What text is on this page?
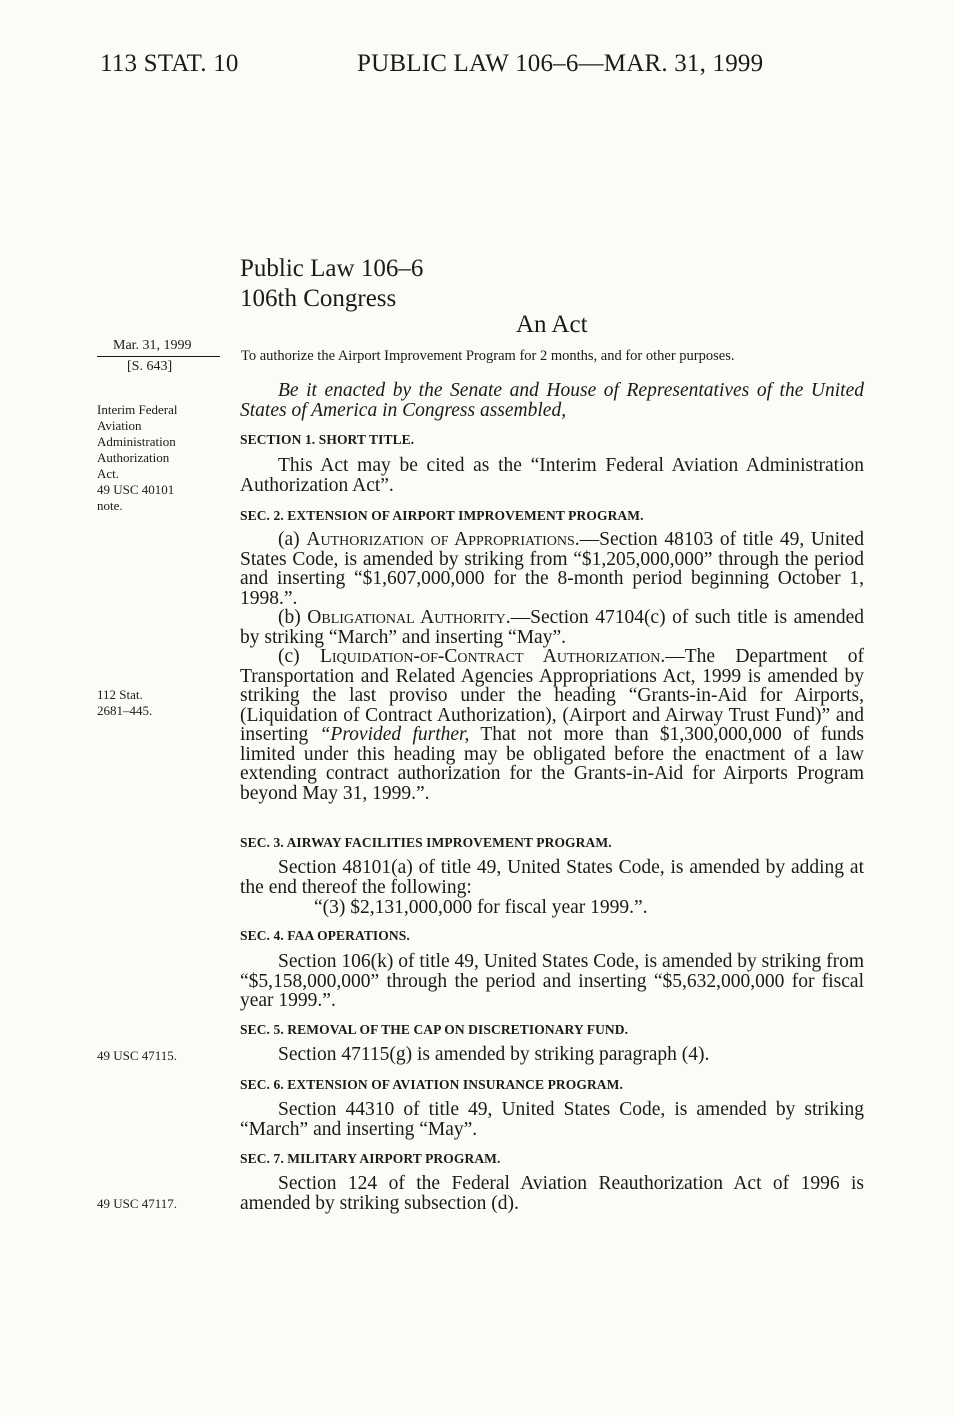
113 STAT. 10	PUBLIC LAW 106–6—MAR. 31, 1999
Public Law 106–6
106th Congress
An Act
To authorize the Airport Improvement Program for 2 months, and for other purposes.
Mar. 31, 1999
[S. 643]
Interim Federal
Aviation
Administration
Authorization
Act.
49 USC 40101
note.
112 Stat.
2681–445.
49 USC 47115.
49 USC 47117.
Be it enacted by the Senate and House of Representatives of the United States of America in Congress assembled,
SECTION 1. SHORT TITLE.
This Act may be cited as the “Interim Federal Aviation Administration Authorization Act”.
SEC. 2. EXTENSION OF AIRPORT IMPROVEMENT PROGRAM.
(a) Authorization of Appropriations.—Section 48103 of title 49, United States Code, is amended by striking from “$1,205,000,000” through the period and inserting “$1,607,000,000 for the 8-month period beginning October 1, 1998.”.
(b) Obligational Authority.—Section 47104(c) of such title is amended by striking “March” and inserting “May”.
(c) Liquidation-of-Contract Authorization.—The Department of Transportation and Related Agencies Appropriations Act, 1999 is amended by striking the last proviso under the heading “Grants-in-Aid for Airports, (Liquidation of Contract Authorization), (Airport and Airway Trust Fund)” and inserting “Provided further, That not more than $1,300,000,000 of funds limited under this heading may be obligated before the enactment of a law extending contract authorization for the Grants-in-Aid for Airports Program beyond May 31, 1999.”.
SEC. 3. AIRWAY FACILITIES IMPROVEMENT PROGRAM.
Section 48101(a) of title 49, United States Code, is amended by adding at the end thereof the following:
“(3) $2,131,000,000 for fiscal year 1999.”.
SEC. 4. FAA OPERATIONS.
Section 106(k) of title 49, United States Code, is amended by striking from “$5,158,000,000” through the period and inserting “$5,632,000,000 for fiscal year 1999.”.
SEC. 5. REMOVAL OF THE CAP ON DISCRETIONARY FUND.
Section 47115(g) is amended by striking paragraph (4).
SEC. 6. EXTENSION OF AVIATION INSURANCE PROGRAM.
Section 44310 of title 49, United States Code, is amended by striking “March” and inserting “May”.
SEC. 7. MILITARY AIRPORT PROGRAM.
Section 124 of the Federal Aviation Reauthorization Act of 1996 is amended by striking subsection (d).
